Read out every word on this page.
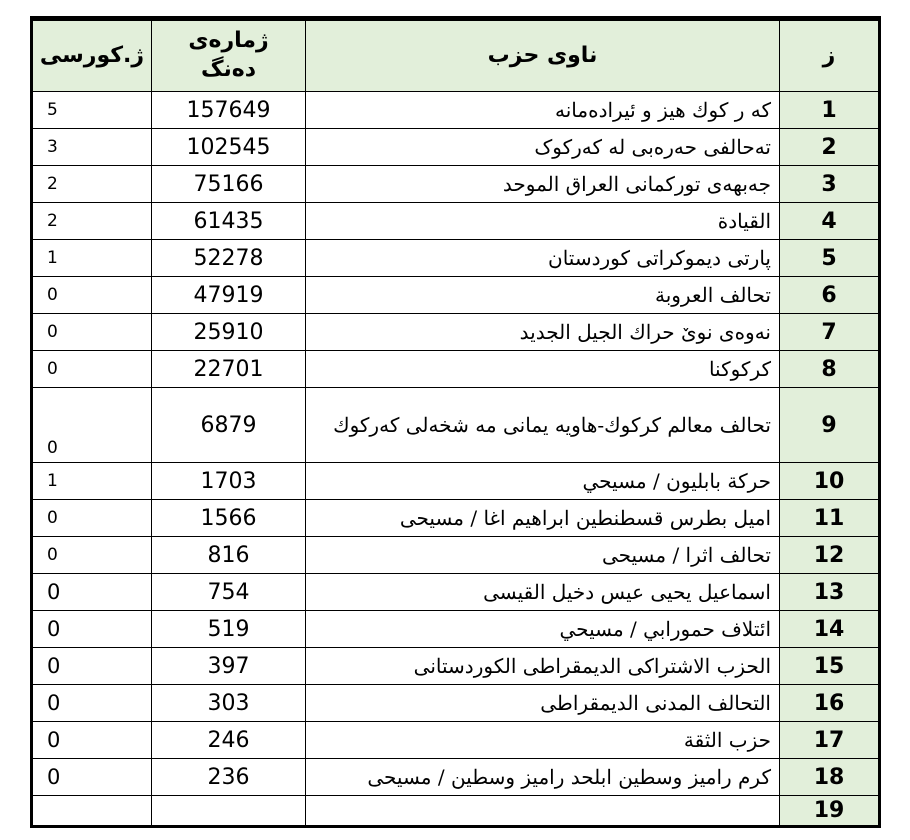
ز	ناوی حزب	ژمارەی دەنگ	ژ.كورسى
1	كه ر كوك هيز و ئيرادەمانه	157649	5
2	تەحالفى حەرەبى له كەركوک	102545	3
3	جەبهەى توركمانى العراق الموحد	75166	2
4	القيادة	61435	2
5	پارتى ديموكراتى كوردستان	52278	1
6	تحالف العروبة	47919	0
7	نەوەى نوێ حراك الجيل الجديد	25910	0
8	كركوكنا	22701	0
9	تحالف معالم كركوك-هاويه يمانى مه شخەلى كەركوك	6879	0
10	حركة بابليون / مسيحي	1703	1
11	اميل بطرس قسطنطين ابراهيم اغا / مسيحى	1566	0
12	تحالف اثرا / مسيحى	816	0
13	اسماعيل يحيى عيس دخيل القيسى	754	0
14	ائتلاف حمورابي / مسيحي	519	0
15	الحزب الاشتراكى الديمقراطى الكوردستانى	397	0
16	التحالف المدنى الديمقراطى	303	0
17	حزب الثقة	246	0
18	كرم راميز وسطين ابلحد راميز وسطين / مسيحى	236	0
19			
